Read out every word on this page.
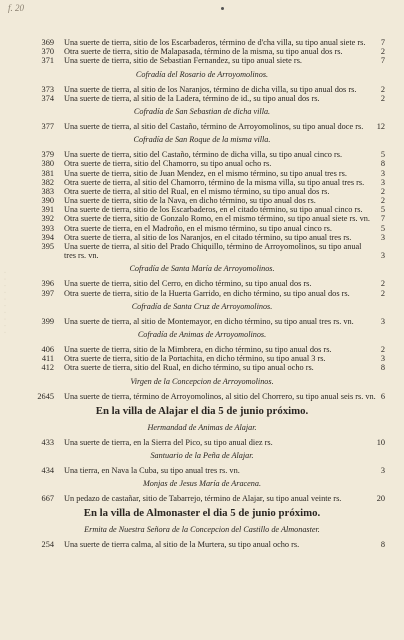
f. 20
· · · · · · · · · ·
369 Una suerte de tierra, sitio de los Escarbaderos, término de d'cha villa, su tipo anual siete rs. 7
370 Otra suerte de tierra, sitio de Malapasada, término de la misma, su tipo anual dos rs.	2
371 Una suerte de tierra, sitio de Sebastian Fernandez, su tipo anual siete rs.	7
Cofradía del Rosario de Arroyomolinos.
373 Una suerte de tierra, al sitio de los Naranjos, término de dicha villa, su tipo anual dos rs.	2
374 Una suerte de tierra, al sitio de la Ladera, término de id., su tipo anual dos rs.	2
Cofradía de San Sebastian de dicha villa.
377 Una suerte de tierra, al sitio del Castaño, término de Arroyomolinos, su tipo anual doce rs. 12
Cofradía de San Roque de la misma villa.
379 Una suerte de tierra, sitio del Castaño, término de dicha villa, su tipo anual cinco rs.	5
380 Otra suerte de tierra, sitio del Chamorro, su tipo anual ocho rs.	8
381 Una suerte de tierra, sitio de Juan Mendez, en el mismo término, su tipo anual tres rs.	3
382 Otra suerte de tierra, al sitio del Chamorro, término de la misma villa, su tipo anual tres rs. 3
383 Otra suerte de tierra, al sitio del Rual, en el mismo término, su tipo anual dos rs.	2
390 Una suerte de tierra, sitio de la Nava, en dicho término, su tipo anual dos rs.	2
391 Una suerte de tierra, sitio de los Escarbaderos, en el citado término, su tipo anual cinco rs. 5
392 Otra suerte de tierra, sitio de Gonzalo Romo, en el mismo término, su tipo anual siete rs. vn. 7
393 Otra suerte de tierra, en el Madroño, en el mismo término, su tipo anual cinco rs.	5
394 Otra suerte de tierra, al sitio de los Naranjos, en el citado término, su tipo anual tres rs.	3
395 Una suerte de tierra, al sitio del Prado Chiquillo, término de Arroyomolinos, su tipo anual tres rs. vn.	3
Cofradía de Santa María de Arroyomolinos.
396 Una suerte de tierra, sitio del Cerro, en dicho término, su tipo anual dos rs.	2
397 Otra suerte de tierra, sitio de la Huerta Garrido, en dicho término, su tipo anual dos rs.	2
Cofradía de Santa Cruz de Arroyomolinos.
399 Una suerte de tierra, al sitio de Montemayor, en dicho término, su tipo anual tres rs. vn.	3
Cofradía de Animas de Arroyomolinos.
406 Una suerte de tierra, sitio de la Mimbrera, en dicho término, su tipo anual dos rs.	2
411 Otra suerte de tierra, sitio de la Portachita, en dicho término, su tipo anual 3 rs.	3
412 Otra suerte de tierra, sitio del Rual, en dicho término, su tipo anual ocho rs.	8
Virgen de la Concepcion de Arroyomolinos.
2645 Una suerte de tierra, término de Arroyomolinos, al sitio del Chorrero, su tipo anual seis rs. vn. 6
En la villa de Alajar el dia 5 de junio próximo.
Hermandad de Animas de Alajar.
433 Una suerte de tierra, en la Sierra del Pico, su tipo anual diez rs.	10
Santuario de la Peña de Alajar.
434 Una tierra, en Nava la Cuba, su tipo anual tres rs. vn.	3
Monjas de Jesus María de Aracena.
667 Un pedazo de castañar, sitio de Tabarrejo, término de Alajar, su tipo anual veinte rs.	20
En la villa de Almonaster el dia 5 de junio próximo.
Ermita de Nuestra Señora de la Concepcion del Castillo de Almonaster.
254 Una suerte de tierra calma, al sitio de la Murtera, su tipo anual ocho rs.	8
